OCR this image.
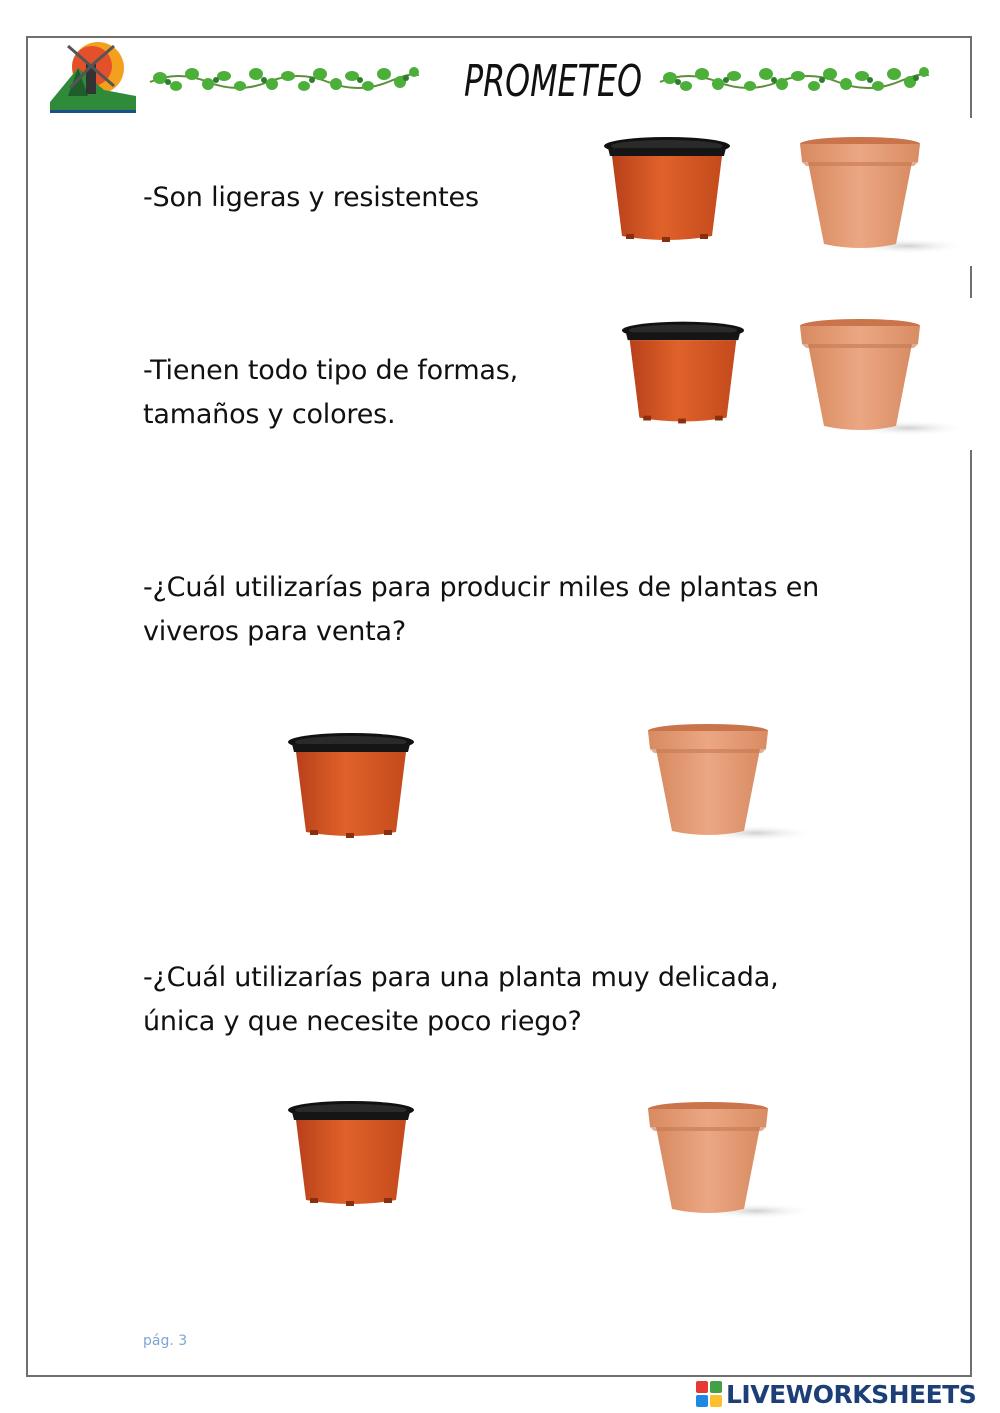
PROMETEO
-Son ligeras y resistentes
-Tienen todo tipo de formas,
tamaños y colores.
-¿Cuál utilizarías para producir miles de plantas en
viveros para venta?
-¿Cuál utilizarías para una planta muy delicada,
única y que necesite poco riego?
pág. 3
LIVEWORKSHEETS
